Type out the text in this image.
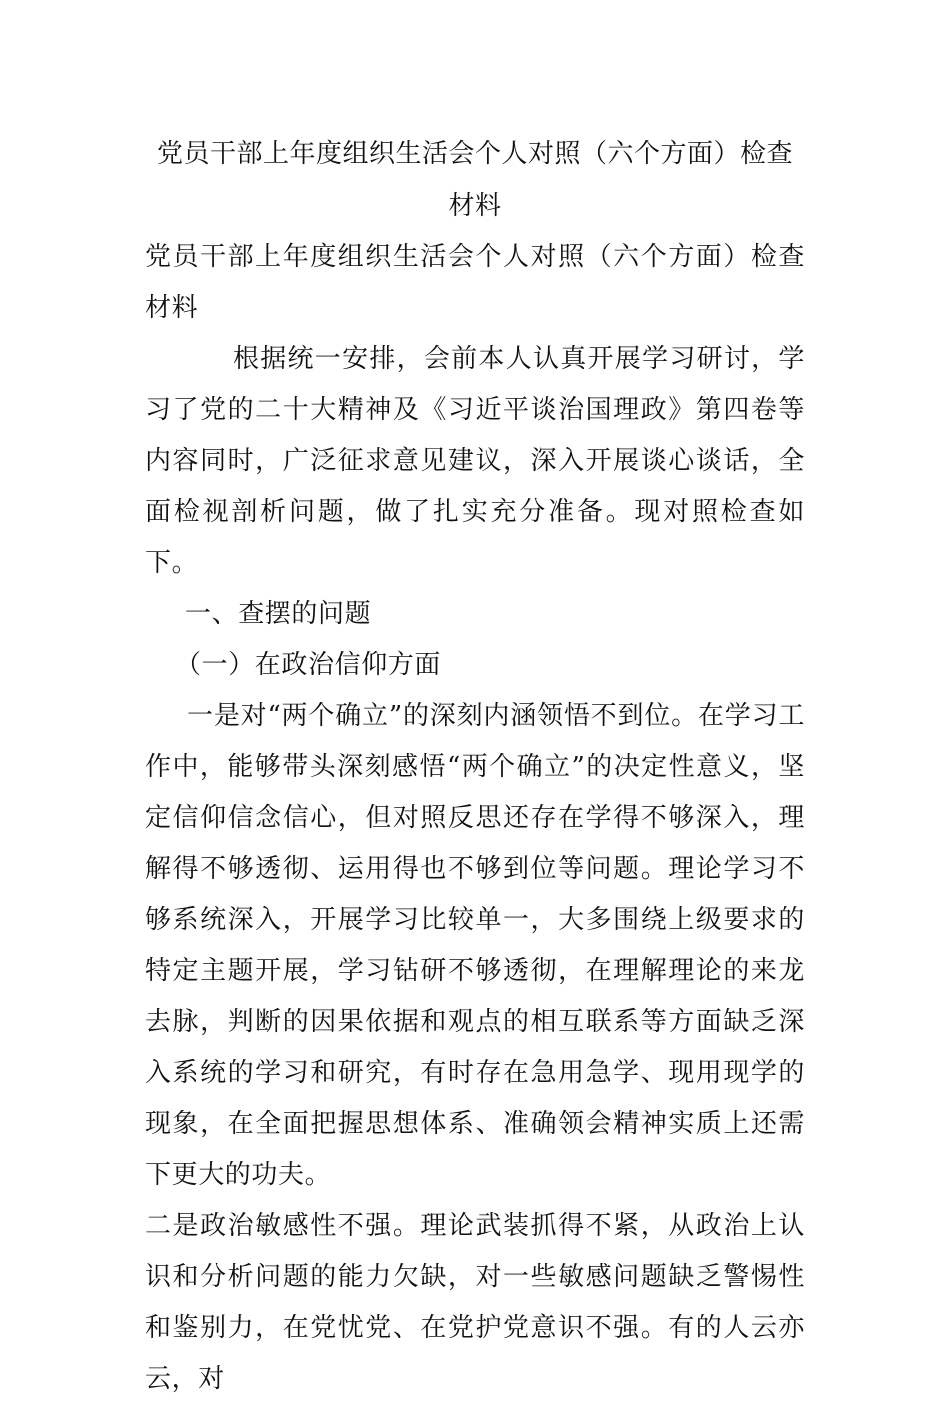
党员干部上年度组织生活会个人对照（六个方面）检查材料

党员干部上年度组织生活会个人对照（六个方面）检查材料

根据统一安排，会前本人认真开展学习研讨，学习了党的二十大精神及《习近平谈治国理政》第四卷等内容同时，广泛征求意见建议，深入开展谈心谈话，全面检视剖析问题，做了扎实充分准备。现对照检查如下。

一、查摆的问题

（一）在政治信仰方面

一是对“两个确立”的深刻内涵领悟不到位。在学习工作中，能够带头深刻感悟“两个确立”的决定性意义，坚定信仰信念信心，但对照反思还存在学得不够深入，理解得不够透彻、运用得也不够到位等问题。理论学习不够系统深入，开展学习比较单一，大多围绕上级要求的特定主题开展，学习钻研不够透彻，在理解理论的来龙去脉，判断的因果依据和观点的相互联系等方面缺乏深入系统的学习和研究，有时存在急用急学、现用现学的现象，在全面把握思想体系、准确领会精神实质上还需下更大的功夫。

二是政治敏感性不强。理论武装抓得不紧，从政治上认识和分析问题的能力欠缺，对一些敏感问题缺乏警惕性和鉴别力，在党忧党、在党护党意识不强。有的人云亦云，对
